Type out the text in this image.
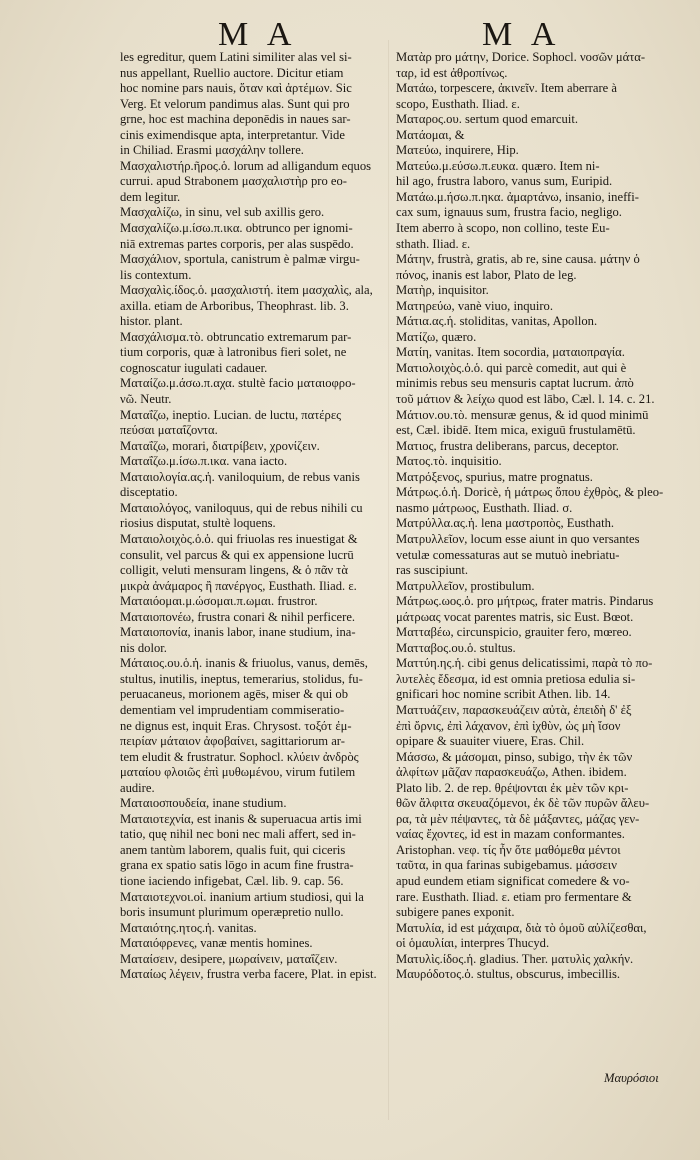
M A	M A
les egreditur, quem Latini similiter alas vel si-
nus appellant, Ruellio auctore. Dicitur etiam
hoc nomine pars nauis, ὅταν καὶ ἀρτέμων. Sic
Verg. Et velorum pandimus alas. Sunt qui pro
grne, hoc est machina deponēdis in naues sar-
cinis eximendisque apta, interpretantur. Vide
in Chiliad. Erasmi μασχάλην tollere.
Μασχαλιστήρ.ῆρος.ὁ. lorum ad alligandum equos
currui. apud Strabonem μασχαλιστὴρ pro eo-
dem legitur.
Μασχαλίζω, in sinu, vel sub axillis gero.
Μασχαλίζω.μ.ίσω.π.ικα. obtrunco per ignomi-
niā extremas partes corporis, per alas suspēdo.
Μασχάλιον, sportula, canistrum è palmæ virgu-
lis contextum.
Μασχαλὶς.ίδος.ὁ. μασχαλιστή. item μασχαλὶς, ala,
axilla. etiam de Arboribus, Theophrast. lib. 3.
histor. plant.
Μασχάλισμα.τὸ. obtruncatio extremarum par-
tium corporis, quæ à latronibus fieri solet, ne
cognoscatur iugulati cadauer.
Ματαίζω.μ.άσω.π.αχα. stultè facio ματαιοφρο-
νῶ. Neutr.
Ματαΐζω, ineptio. Lucian. de luctu, πατέρες
πεύσαι ματαΐζοντα.
Ματαΐζω, morari, διατρίβειν, χρονίζειν.
Ματαΐζω.μ.ίσω.π.ικα. vana iacto.
Ματαιολογία.ας.ἡ. vaniloquium, de rebus vanis
disceptatio.
Ματαιολόγος, vaniloquus, qui de rebus nihili cu
riosius disputat, stultè loquens.
Ματαιολοιχὸς.ὁ.ὁ. qui friuolas res inuestigat &
consulit, vel parcus & qui ex appensione lucrū
colligit, veluti mensuram lingens, & ὁ πᾶν τὰ
μικρὰ ἀνάμαρος ἢ πανέργος, Eusthath. Iliad. ε.
Ματαιόομαι.μ.ώσομαι.π.ωμαι. frustror.
Ματαιοπονέω, frustra conari & nihil perficere.
Ματαιοπονία, inanis labor, inane studium, ina-
nis dolor.
Μάταιος.ου.ὁ.ἡ. inanis & friuolus, vanus, demēs,
stultus, inutilis, ineptus, temerarius, stolidus, fu-
peruacaneus, morionem agēs, miser & qui ob
dementiam vel imprudentiam commiseratio-
ne dignus est, inquit Eras. Chrysost. τοξότ ἐμ-
πειρίαν μάταιον ἀφοβαίνει, sagittariorum ar-
tem eludit & frustratur. Sophocl. κλύειν ἀνδρὸς
ματαίου φλοιῶς ἐπὶ μυθωμένου, virum futilem
audire.
Ματαιοσπουδεία, inane studium.
Ματαιοτεχνία, est inanis & superuacua artis imi
tatio, quę nihil nec boni nec mali affert, sed in-
anem tantùm laborem, qualis fuit, qui ciceris
grana ex spatio satis lōgo in acum fine frustra-
tione iaciendo infigebat, Cæl. lib. 9. cap. 56.
Ματαιοτεχνοι.οἱ. inanium artium studiosi, qui la
boris insumunt plurimum operæpretio nullo.
Ματαιότης.ητος.ἡ. vanitas.
Ματαιόφρενες, vanæ mentis homines.
Ματαίσειν, desipere, μωραίνειν, ματαΐζειν.
Ματαίως λέγειν, frustra verba facere, Plat. in epist.
Ματὰρ pro μάτην, Dorice. Sophocl. νοσῶν μάτα-
ταρ, id est ἀθροπίνως.
Ματάω, torpescere, ἀκινεῖν. Item aberrare à
scopo, Eusthath. Iliad. ε.
Ματαρος.ου. sertum quod emarcuit.
Ματάομαι, &
Ματεύω, inquirere, Hip.
Ματεύω.μ.εύσω.π.ευκα. quæro. Item ni-
hil ago, frustra laboro, vanus sum, Euripid.
Ματάω.μ.ήσω.π.ηκα. ἀμαρτάνω, insanio, ineffi-
cax sum, ignauus sum, frustra facio, negligo.
Item aberro à scopo, non collino, teste Eu-
sthath. Iliad. ε.
Μάτην, frustrà, gratis, ab re, sine causa. μάτην ὁ
πόνος, inanis est labor, Plato de leg.
Ματὴρ, inquisitor.
Ματηρεύω, vanè viuo, inquiro.
Μάτια.ας.ἡ. stoliditas, vanitas, Apollon.
Ματίζω, quæro.
Ματίη, vanitas. Item socordia, ματαιοπραγία.
Ματιολοιχὸς.ὁ.ὁ. qui parcè comedit, aut qui è
minimis rebus seu mensuris captat lucrum. ἀπὸ
τοῦ μάτιον & λείχω quod est lābo, Cæl. l. 14. c. 21.
Μάτιον.ου.τὸ. mensuræ genus, & id quod minimū
est, Cæl. ibidē. Item mica, exiguū frustulamētū.
Ματιος, frustra deliberans, parcus, deceptor.
Ματος.τὸ. inquisitio.
Ματρόξενος, spurius, matre prognatus.
Μάτρως.ὁ.ἡ. Doricè, ἡ μάτρως ὅπου ἐχθρὸς, & pleo-
nasmo μάτρωος, Eusthath. Iliad. σ.
Ματρύλλα.ας.ἡ. lena μαστροπὸς, Eusthath.
Ματρυλλεῖον, locum esse aiunt in quo versantes
vetulæ comessaturas aut se mutuò inebriatu-
ras suscipiunt.
Ματρυλλεῖον, prostibulum.
Μάτρως.ωος.ὁ. pro μήτρως, frater matris. Pindarus
μάτρωας vocat parentes matris, sic Eust. Bœot.
Ματταβέω, circunspicio, grauiter fero, mœreo.
Ματταβος.ου.ὁ. stultus.
Ματτύη.ης.ἡ. cibi genus delicatissimi, παρὰ τὸ πο-
λυτελὲς ἔδεσμα, id est omnia pretiosa edulia si-
gnificari hoc nomine scribit Athen. lib. 14.
Ματτυάζειν, παρασκευάζειν αὐτὰ, ἐπειδὴ δ' ἐξ
ἐπὶ ὄρνις, ἐπὶ λάχανον, ἐπὶ ἰχθὺν, ὡς μὴ ἴσον
opipare & suauiter viuere, Eras. Chil.
Μάσσω, & μάσομαι, pinso, subigo, τὴν ἐκ τῶν
ἀλφίτων μᾶζαν παρασκευάζω, Athen. ibidem.
Plato lib. 2. de rep. θρέψονται ἐκ μὲν τῶν κρι-
θῶν ἄλφιτα σκευαζόμενοι, ἐκ δὲ τῶν πυρῶν ἄλευ-
ρα, τὰ μὲν πέψαντες, τὰ δὲ μάξαντες, μάζας γεν-
ναίας ἔχοντες, id est in mazam conformantes.
Aristophan. νεφ. τίς ἦν ὅτε μαθόμεθα μέντοι
ταῦτα, in qua farinas subigebamus. μάσσειν
apud eundem etiam significat comedere & vo-
rare. Eusthath. Iliad. ε. etiam pro fermentare &
subigere panes exponit.
Ματυλία, id est μάχαιρα, διὰ τὸ ὁμοῦ αὐλίζεσθαι,
οἱ ὁμαυλίαι, interpres Thucyd.
Ματυλὶς.ίδος.ἡ. gladius. Ther. ματυλὶς χαλκήν.
Μαυρόδοτος.ὁ. stultus, obscurus, imbecillis.
Μαυρόσιοι
